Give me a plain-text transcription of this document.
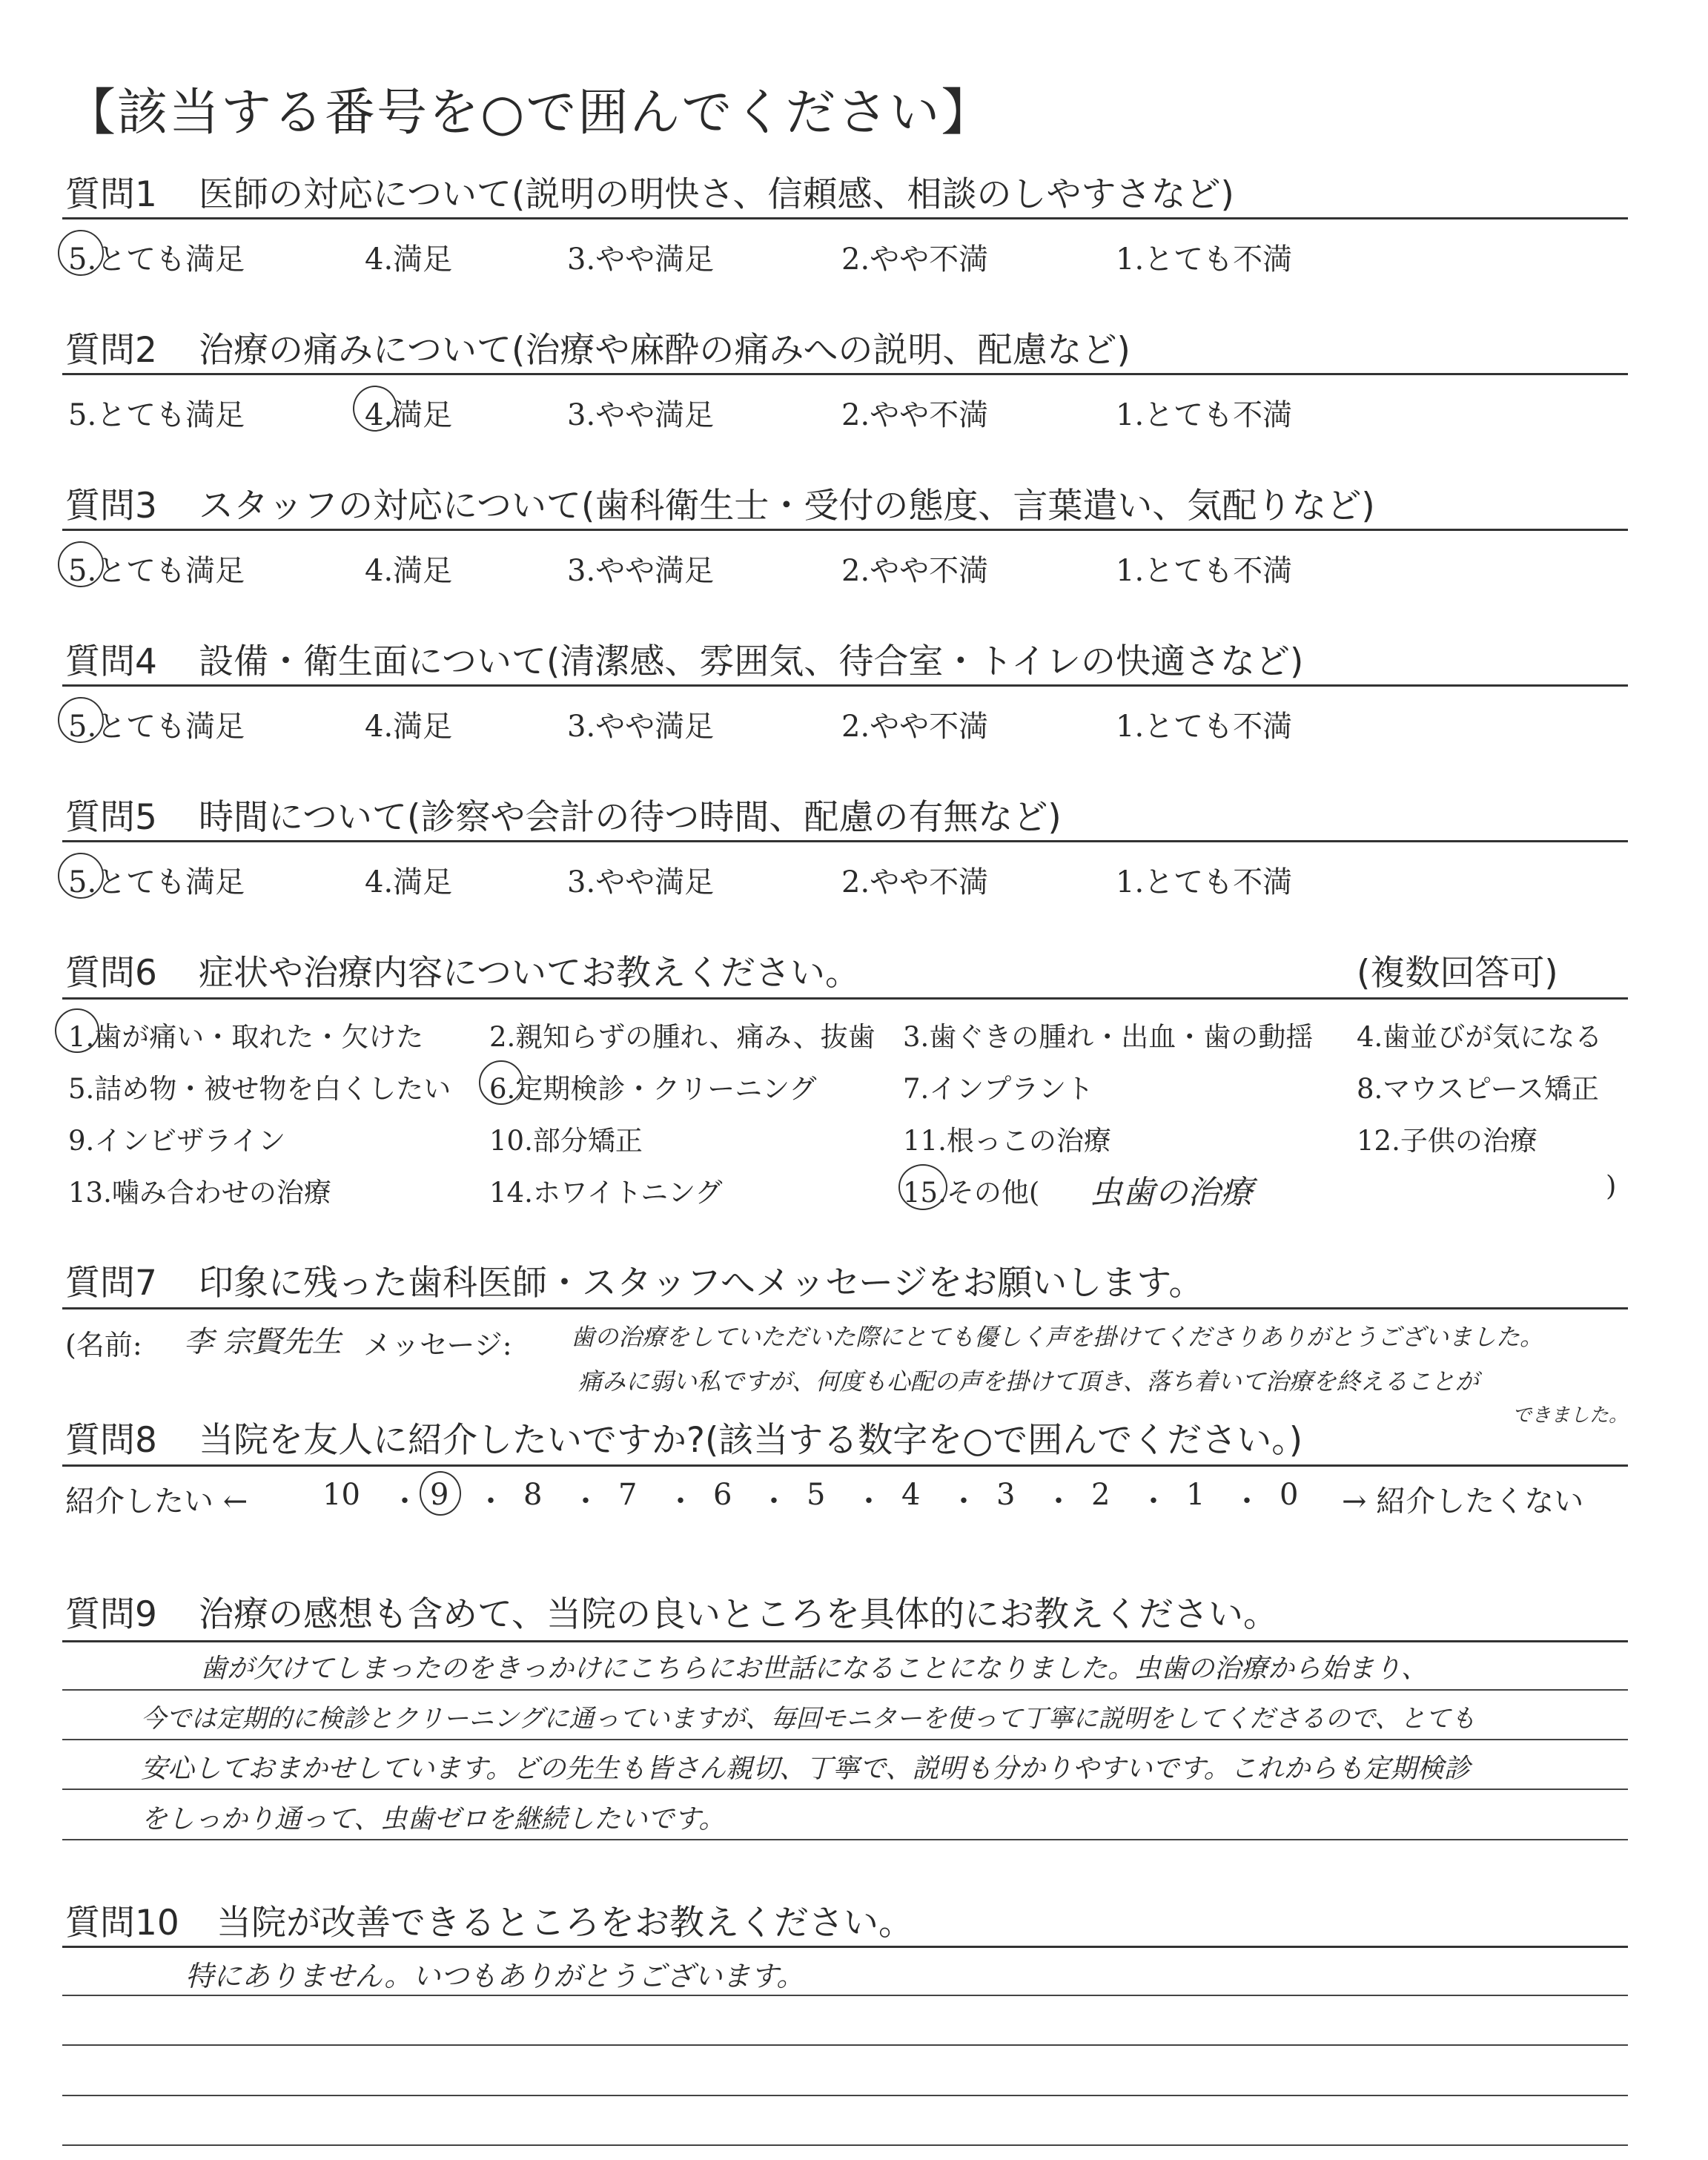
【該当する番号を○で囲んでください】
質問1 医師の対応について(説明の明快さ、信頼感、相談のしやすさなど)
5.とても満足	4.満足	3.やや満足	2.やや不満	1.とても不満
質問2 治療の痛みについて(治療や麻酔の痛みへの説明、配慮など)
5.とても満足	4.満足	3.やや満足	2.やや不満	1.とても不満
質問3 スタッフの対応について(歯科衛生士・受付の態度、言葉遣い、気配りなど)
5.とても満足	4.満足	3.やや満足	2.やや不満	1.とても不満
質問4 設備・衛生面について(清潔感、雰囲気、待合室・トイレの快適さなど)
5.とても満足	4.満足	3.やや満足	2.やや不満	1.とても不満
質問5 時間について(診察や会計の待つ時間、配慮の有無など)
5.とても満足	4.満足	3.やや満足	2.やや不満	1.とても不満
質問6 症状や治療内容についてお教えください。	(複数回答可)
1.歯が痛い・取れた・欠けた 2.親知らずの腫れ、痛み、抜歯 3.歯ぐきの腫れ・出血・歯の動揺 4.歯並びが気になる
5.詰め物・被せ物を白くしたい 6.定期検診・クリーニング	7.インプラント	8.マウスピース矯正
9.インビザライン	10.部分矯正	11.根っこの治療	12.子供の治療
13.噛み合わせの治療	14.ホワイトニング	15.その他( 虫歯の治療	)
質問7 印象に残った歯科医師・スタッフへメッセージをお願いします。
(名前: 李 宗賢先生 メッセージ: 歯の治療をしていただいた際にとても優しく声を掛けてくださりありがとうございました。
痛みに弱い私ですが、何度も心配の声を掛けて頂き、落ち着いて治療を終えることが
できました。
質問8 当院を友人に紹介したいですか?(該当する数字を○で囲んでください。)
紹介したい ←	→ 紹介したくない
10 9	8	7	6	5	4	3	2	1	0
・ ・ ・ ・ ・ ・ ・ ・ ・ ・
質問9 治療の感想も含めて、当院の良いところを具体的にお教えください。
歯が欠けてしまったのをきっかけにこちらにお世話になることになりました。虫歯の治療から始まり、
今では定期的に検診とクリーニングに通っていますが、毎回モニターを使って丁寧に説明をしてくださるので、とても
安心しておまかせしています。どの先生も皆さん親切、丁寧で、説明も分かりやすいです。これからも定期検診
をしっかり通って、虫歯ゼロを継続したいです。
質問10 当院が改善できるところをお教えください。
特にありません。いつもありがとうございます。
